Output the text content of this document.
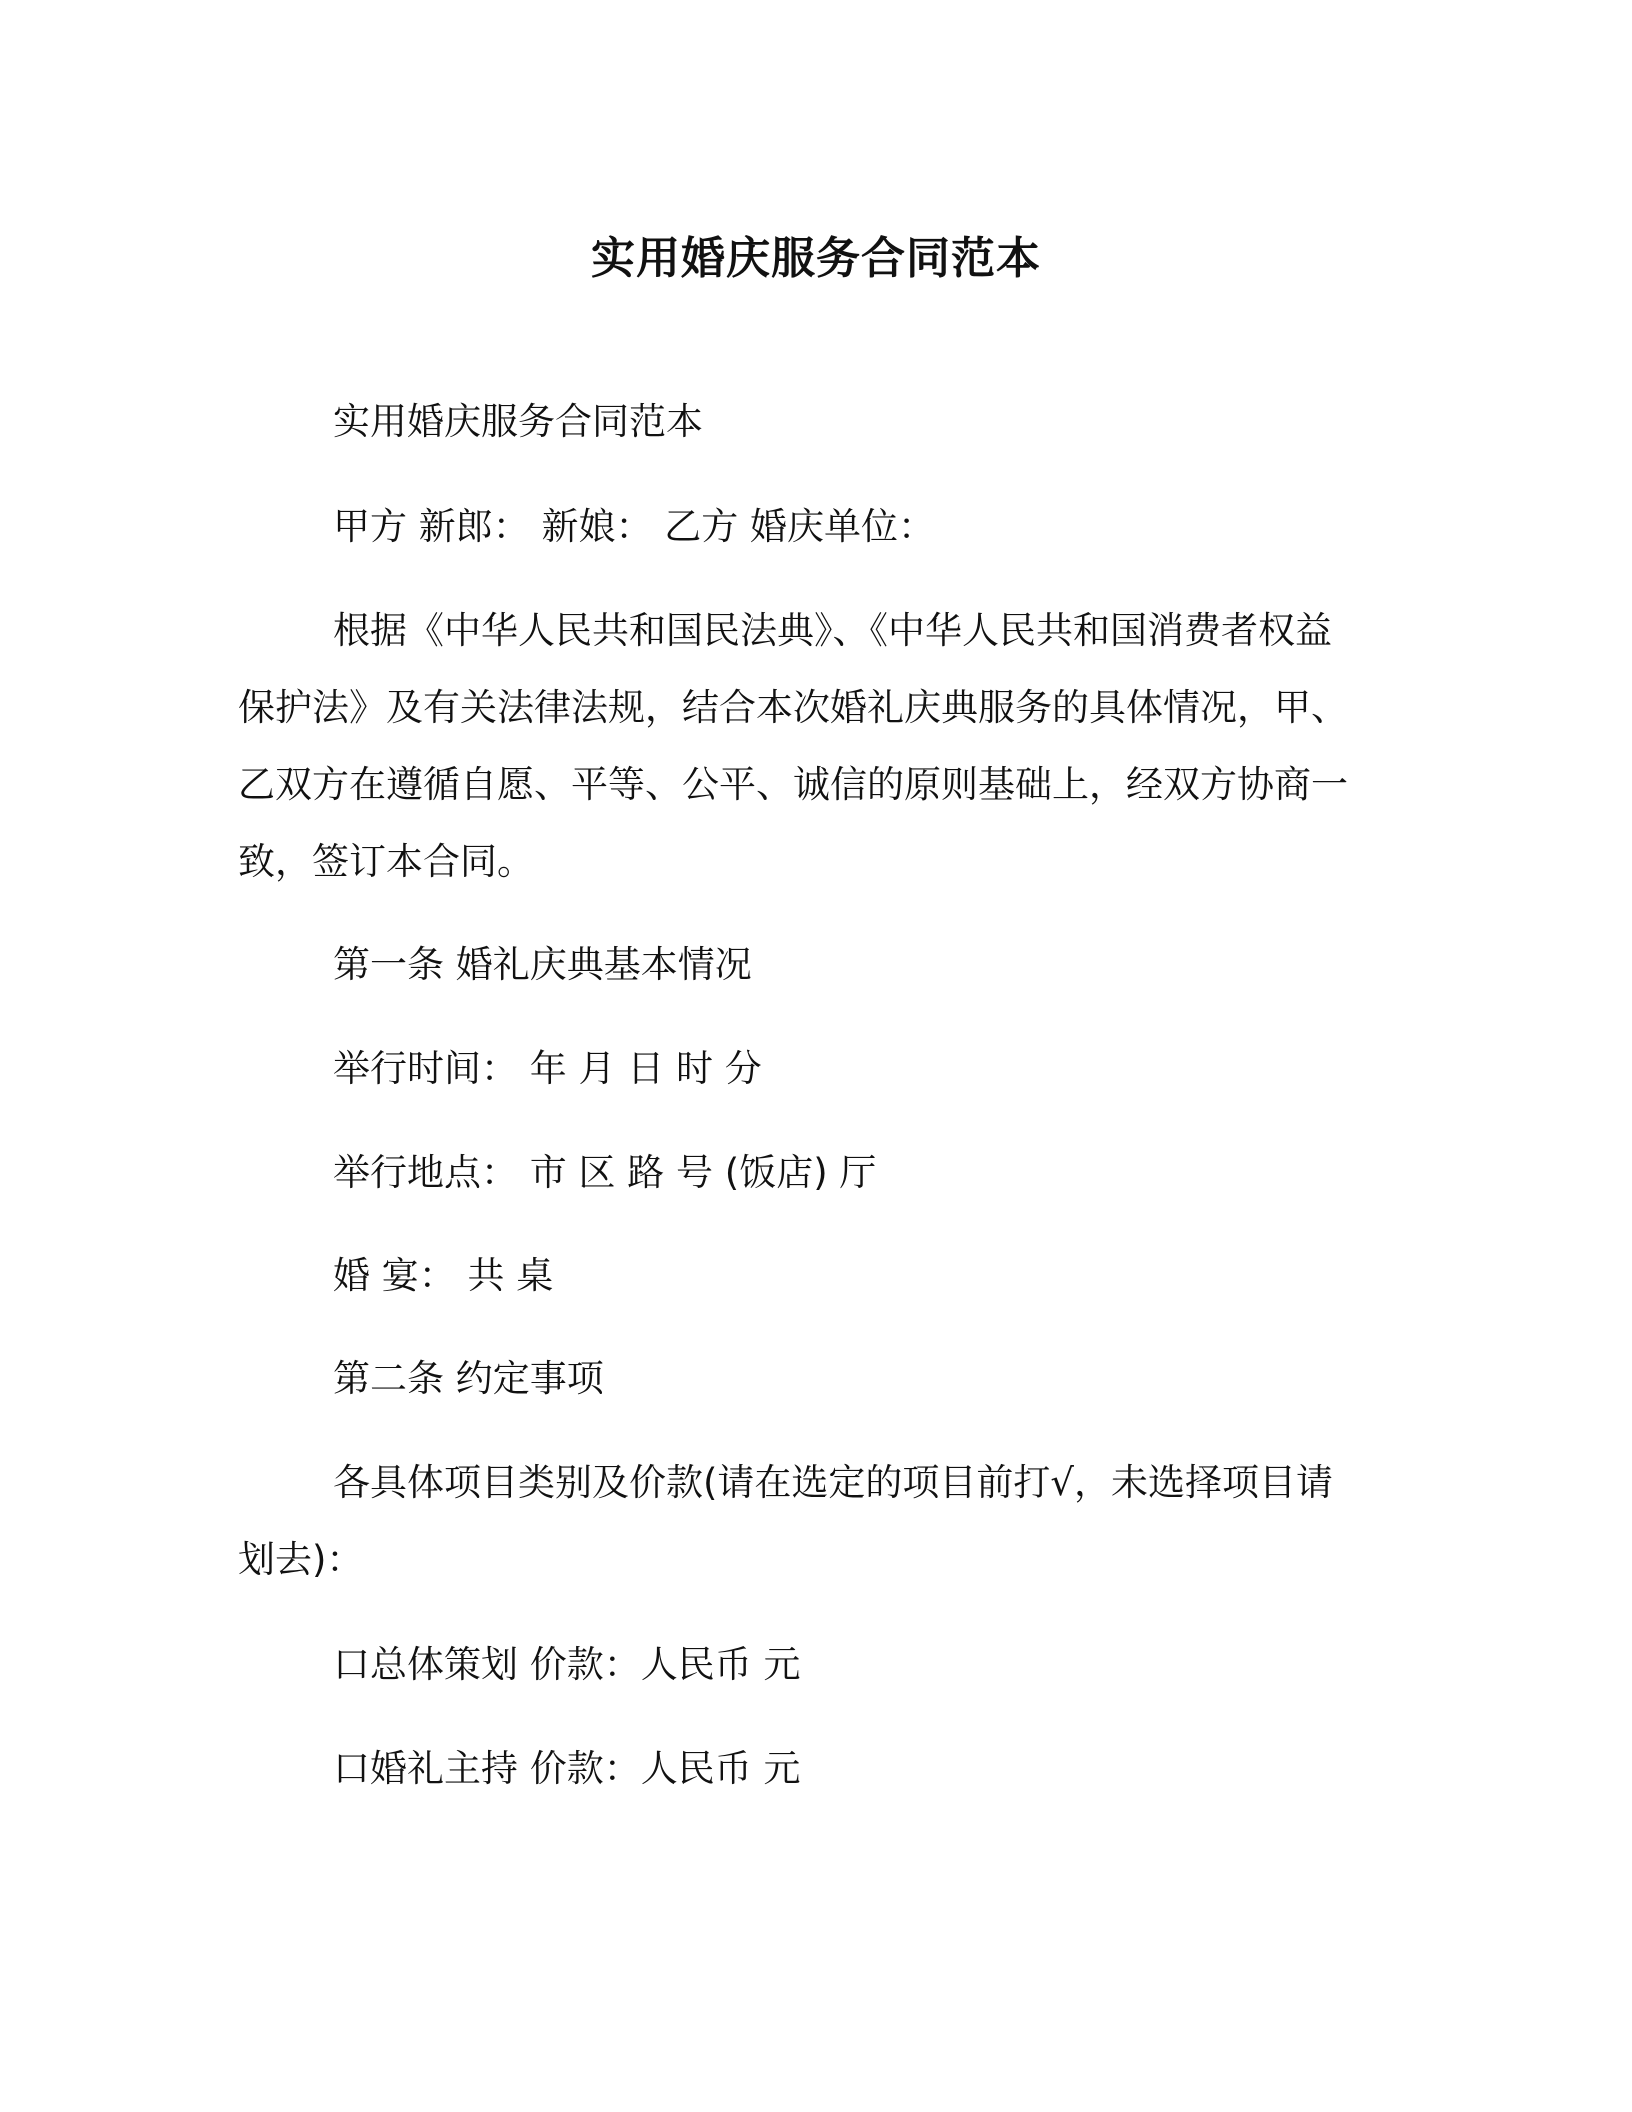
实用婚庆服务合同范本
实用婚庆服务合同范本
甲方 新郎： 新娘： 乙方 婚庆单位：
根据《中华人民共和国民法典》、《中华人民共和国消费者权益
保护法》及有关法律法规，结合本次婚礼庆典服务的具体情况，甲、
乙双方在遵循自愿、平等、公平、诚信的原则基础上，经双方协商一
致，签订本合同。
第一条 婚礼庆典基本情况
举行时间： 年 月 日 时 分
举行地点： 市 区 路 号 (饭店) 厅
婚 宴： 共 桌
第二条 约定事项
各具体项目类别及价款(请在选定的项目前打√，未选择项目请
划去)：
口总体策划 价款：人民币 元
口婚礼主持 价款：人民币 元
